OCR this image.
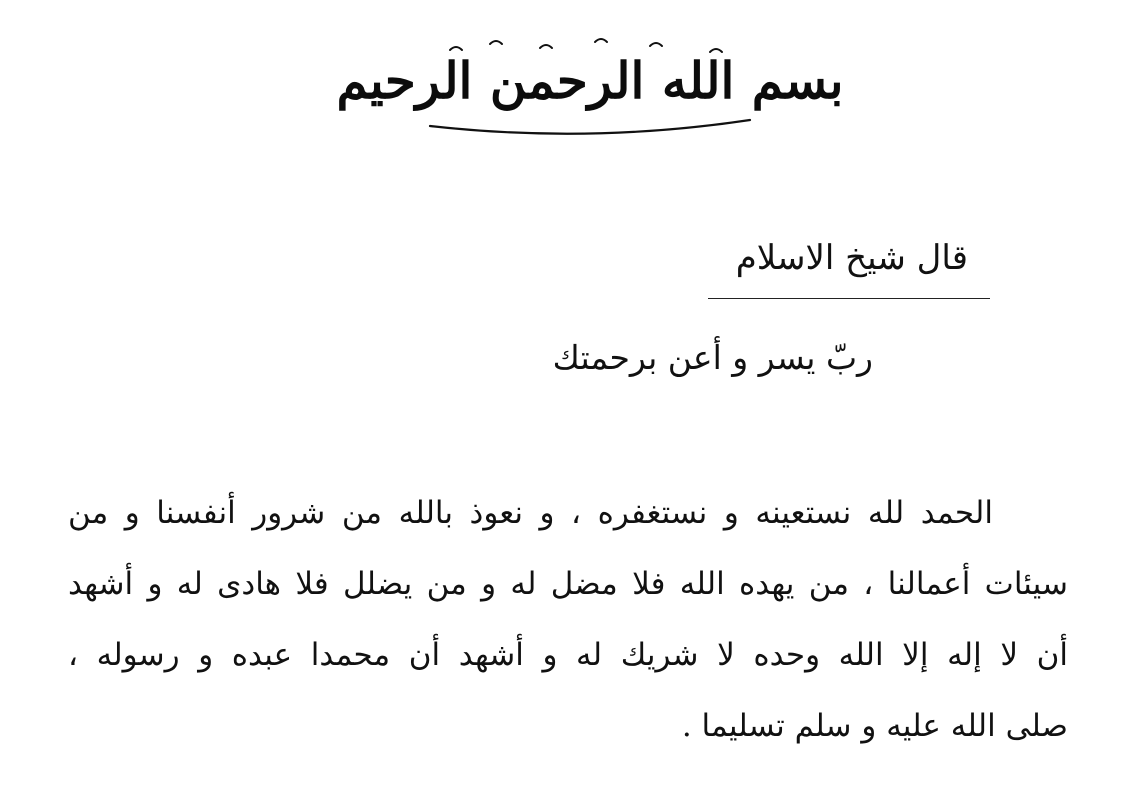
بسم الله الرحمن الرحيم
قال شيخ الاسلام
ربّ يسر و أعن برحمتك
الحمد لله نستعينه و نستغفره ، و نعوذ بالله من شرور أنفسنا و من
سيئات أعمالنا ، من يهده الله فلا مضل له و من يضلل فلا هادى له و أشهد
أن لا إله إلا الله وحده لا شريك له و أشهد أن محمدا عبده و رسوله ،
صلى الله عليه و سلم تسليما .
